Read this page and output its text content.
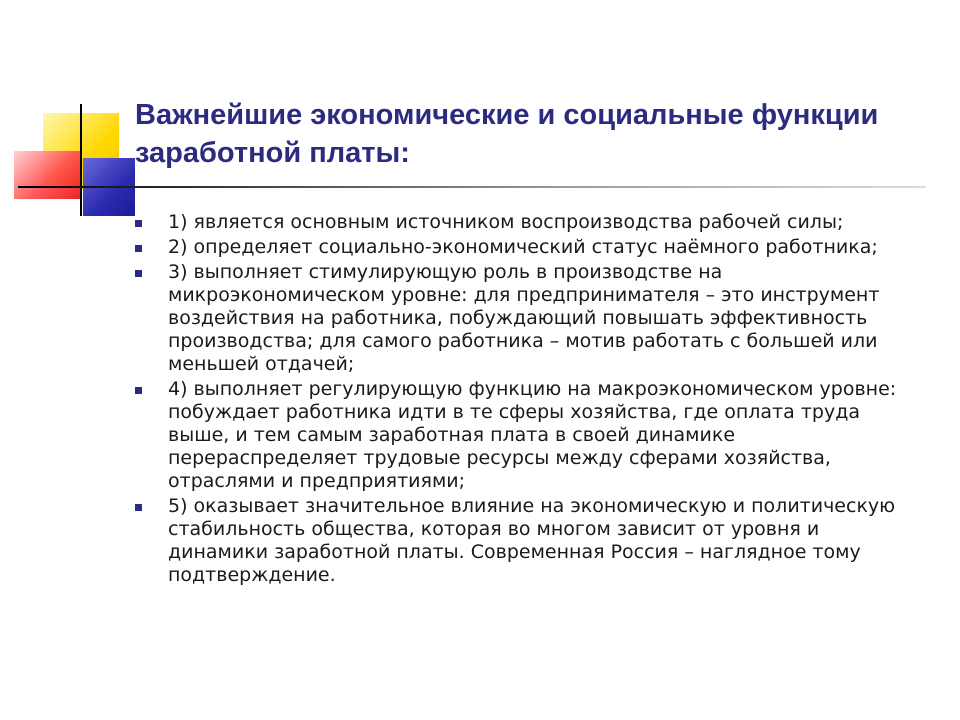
Важнейшие экономические и социальные функции заработной платы:
1) является основным источником воспроизводства рабочей силы;
2) определяет социально-экономический статус наёмного работника;
3) выполняет стимулирующую роль в производстве на микроэкономическом уровне: для предпринимателя – это инструмент воздействия на работника, побуждающий повышать эффективность производства; для самого работника – мотив работать с большей или меньшей отдачей;
4) выполняет регулирующую функцию на макроэкономическом уровне: побуждает работника идти в те сферы хозяйства, где оплата труда выше, и тем самым заработная плата в своей динамике перераспределяет трудовые ресурсы между сферами хозяйства, отраслями и предприятиями;
5) оказывает значительное влияние на экономическую и политическую стабильность общества, которая во многом зависит от уровня и динамики заработной платы. Современная Россия – наглядное тому подтверждение.
